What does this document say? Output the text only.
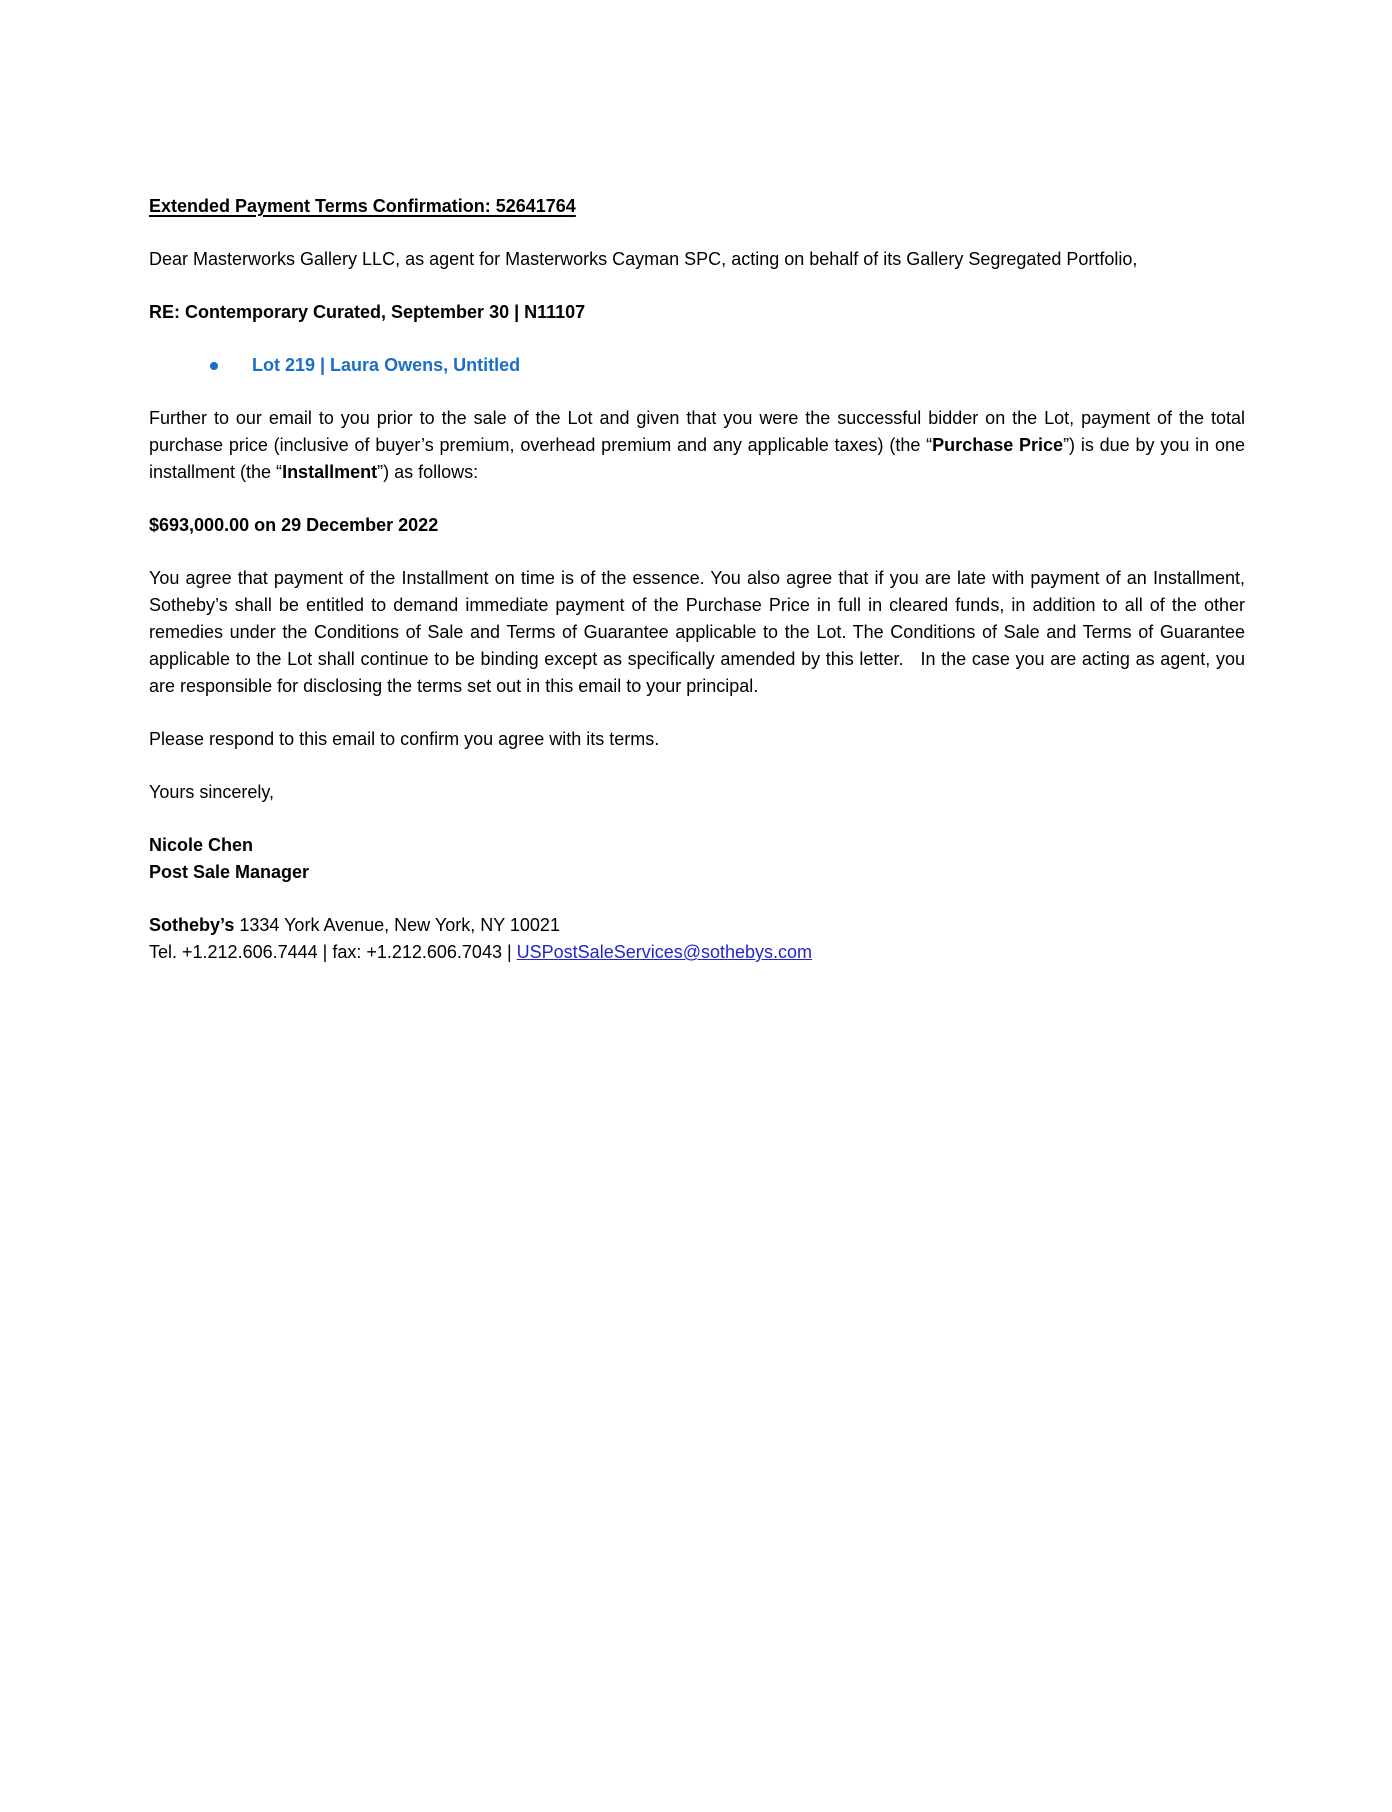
Extended Payment Terms Confirmation: 52641764
Dear Masterworks Gallery LLC, as agent for Masterworks Cayman SPC, acting on behalf of its Gallery Segregated Portfolio,
RE: Contemporary Curated, September 30 | N11107
Lot 219 | Laura Owens, Untitled
Further to our email to you prior to the sale of the Lot and given that you were the successful bidder on the Lot, payment of the total purchase price (inclusive of buyer’s premium, overhead premium and any applicable taxes) (the “Purchase Price”) is due by you in one installment (the “Installment”) as follows:
$693,000.00 on 29 December 2022
You agree that payment of the Installment on time is of the essence. You also agree that if you are late with payment of an Installment, Sotheby’s shall be entitled to demand immediate payment of the Purchase Price in full in cleared funds, in addition to all of the other remedies under the Conditions of Sale and Terms of Guarantee applicable to the Lot. The Conditions of Sale and Terms of Guarantee applicable to the Lot shall continue to be binding except as specifically amended by this letter.   In the case you are acting as agent, you are responsible for disclosing the terms set out in this email to your principal.
Please respond to this email to confirm you agree with its terms.
Yours sincerely,
Nicole Chen
Post Sale Manager
Sotheby’s 1334 York Avenue, New York, NY 10021
Tel. +1.212.606.7444 | fax: +1.212.606.7043 | USPostSaleServices@sothebys.com
